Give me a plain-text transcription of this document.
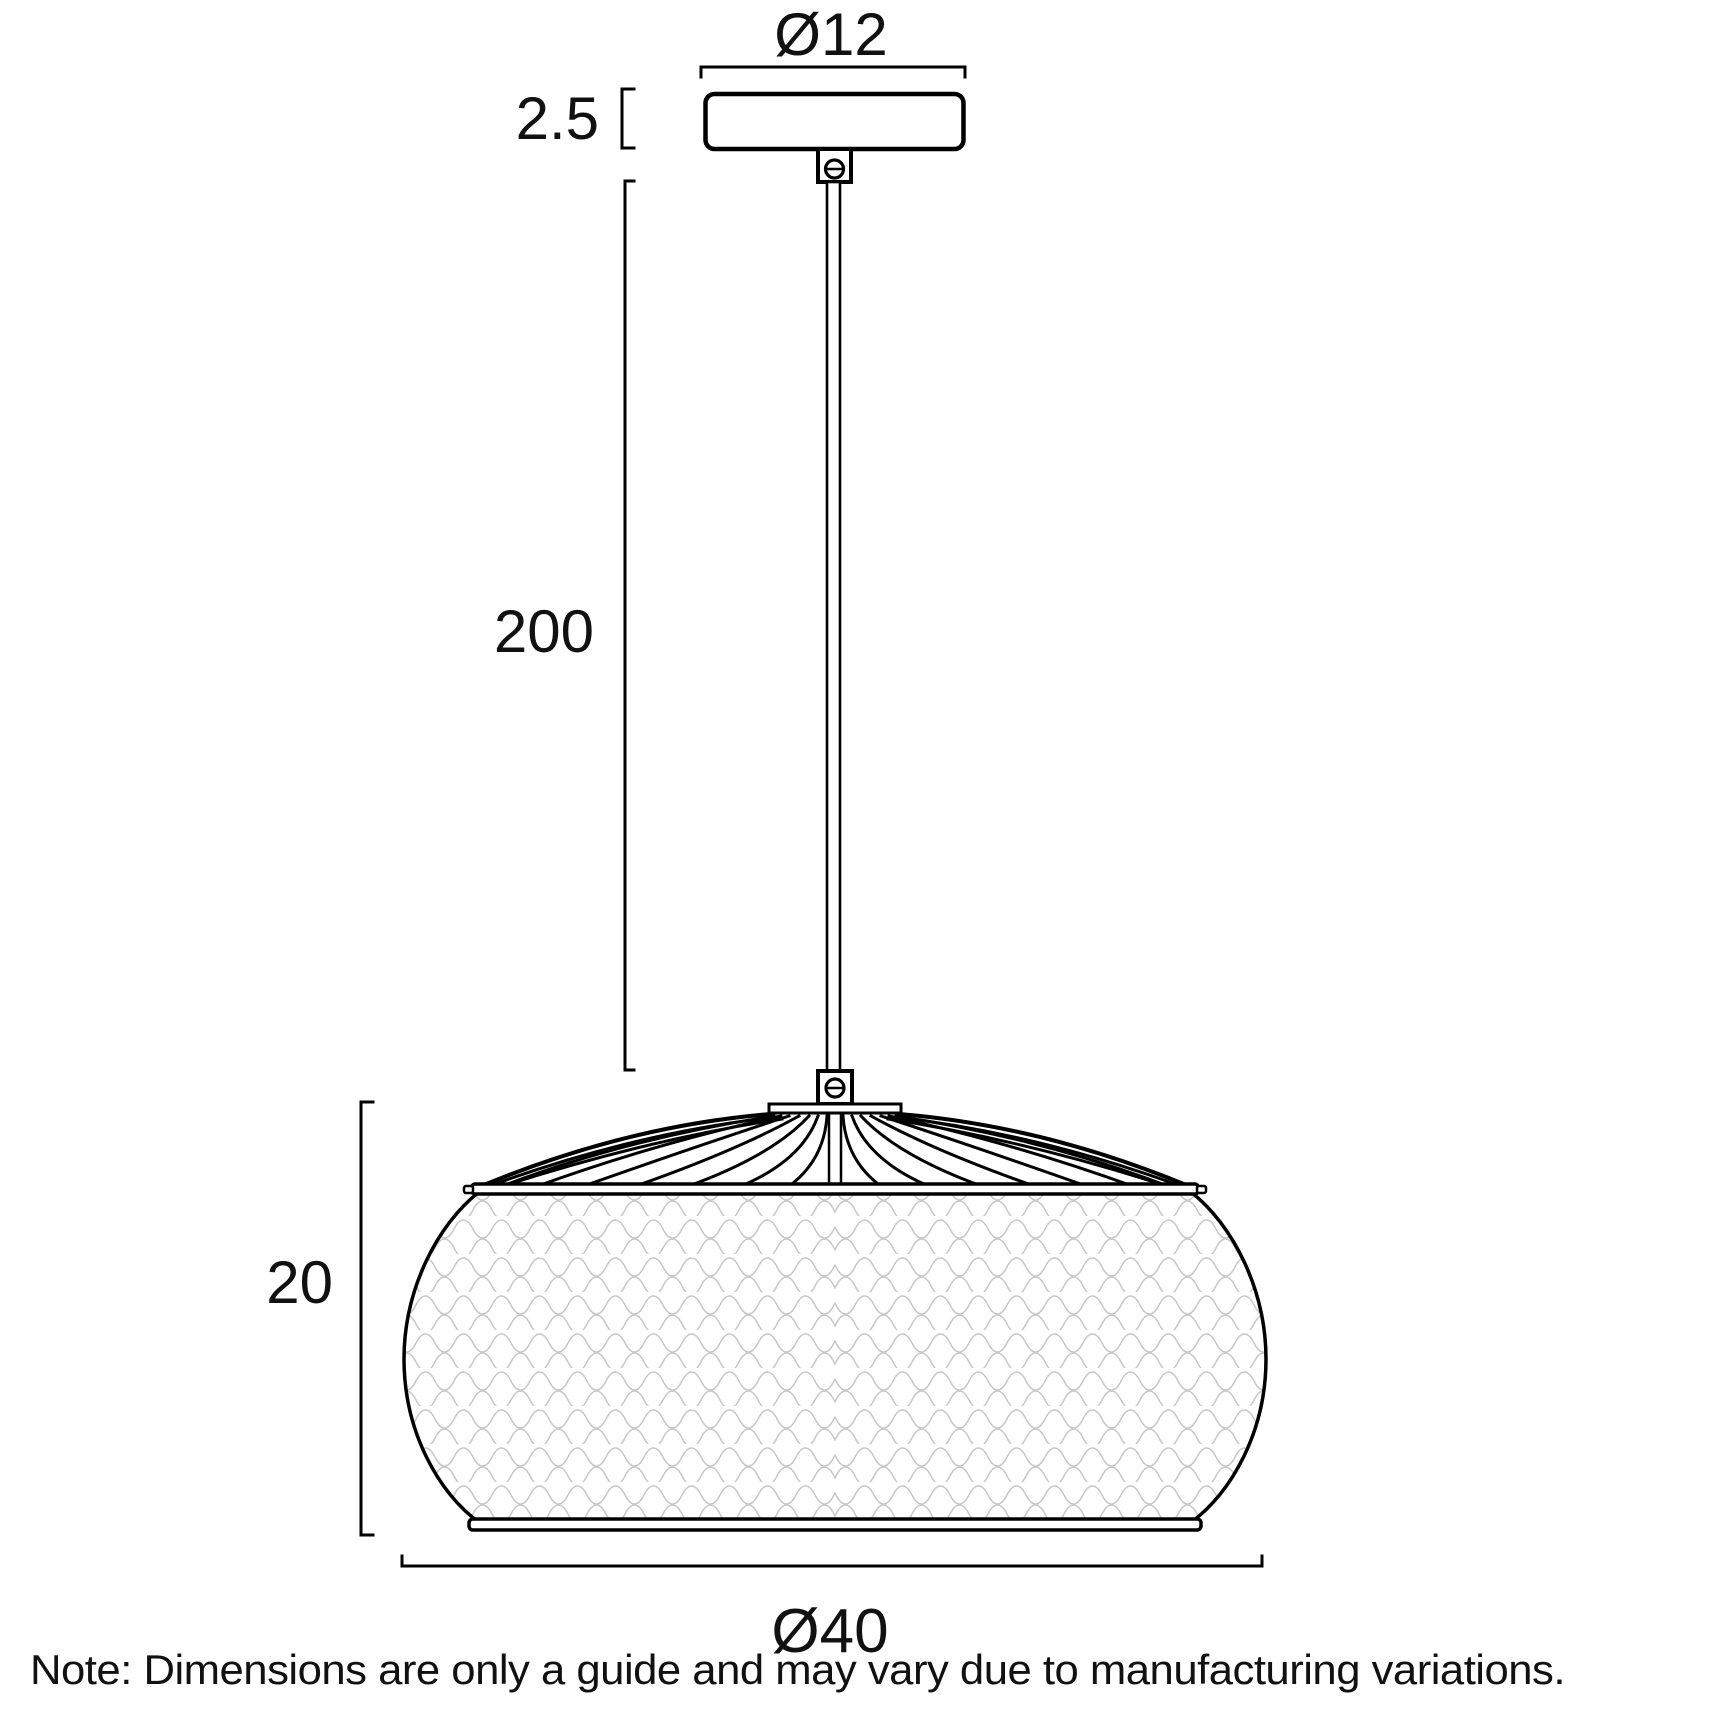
Ø12
2.5
200
20
Ø40
Note: Dimensions are only a guide and may vary due to manufacturing variations.
